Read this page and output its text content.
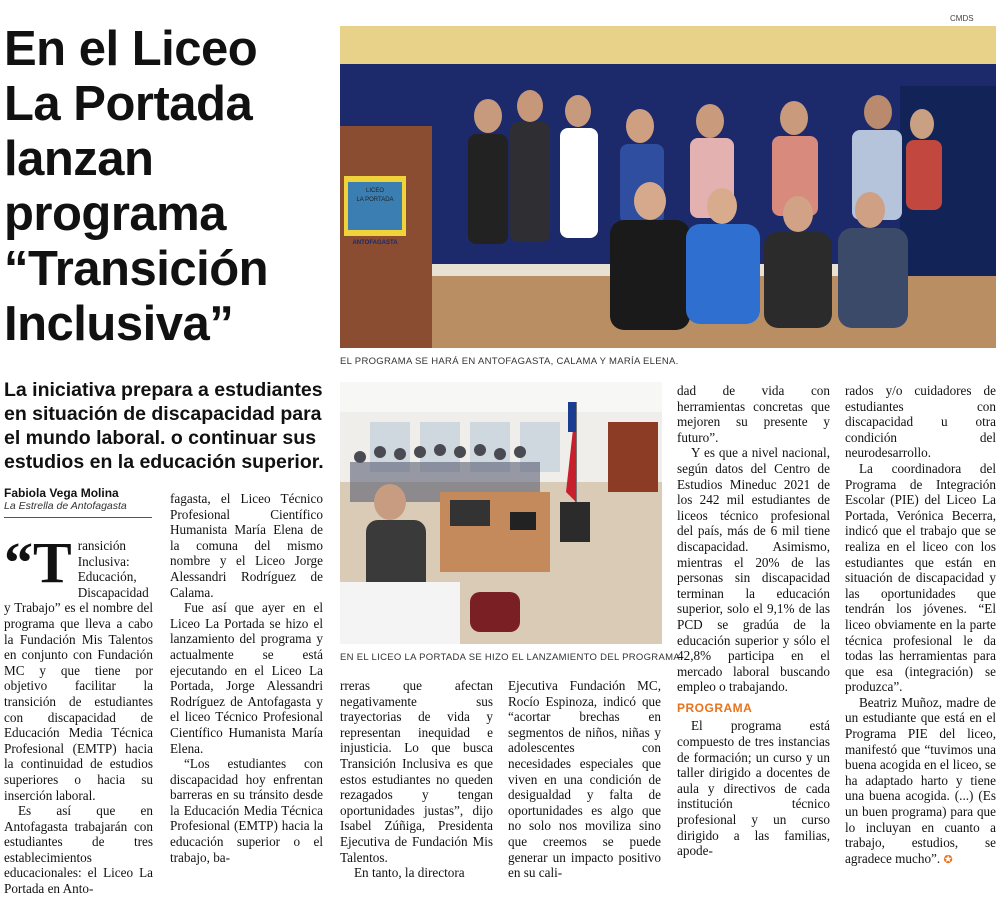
CMDS
En el Liceo
La Portada
lanzan
programa
“Transición
Inclusiva”
La iniciativa prepara a estudiantes en situación de discapacidad para el mundo laboral. o continuar sus estudios en la educación superior.
Fabiola Vega Molina
La Estrella de Antofagasta
LICEO
LA PORTADA
ANTOFAGASTA
EL PROGRAMA SE HARÁ EN ANTOFAGASTA, CALAMA Y MARÍA ELENA.
EN EL LICEO LA PORTADA SE HIZO EL LANZAMIENTO DEL PROGRAMA.

“Transición Inclusiva: Educación, Discapacidad y Trabajo” es el nombre del programa que lleva a cabo la Fundación Mis Talentos en conjunto con Fundación MC y que tiene por objetivo facilitar la transición de estudiantes con discapacidad de Educación Media Técnica Profesional (EMTP) hacia la continuidad de estudios superiores o hacia su inserción laboral.

Es así que en Antofagasta trabajarán con estudiantes de tres establecimientos educacionales: el Liceo La Portada en Anto-

fagasta, el Liceo Técnico Profesional Científico Humanista María Elena de la comuna del mismo nombre y el Liceo Jorge Alessandri Rodríguez de Calama.

Fue así que ayer en el Liceo La Portada se hizo el lanzamiento del programa y actualmente se está ejecutando en el Liceo La Portada, Jorge Alessandri Rodríguez de Antofagasta y el liceo Técnico Profesional Científico Humanista María Elena.

“Los estudiantes con discapacidad hoy enfrentan barreras en su tránsito desde la Educación Media Técnica Profesional (EMTP) hacia la educación superior o el trabajo, ba-

rreras que afectan negativamente sus trayectorias de vida y representan inequidad e injusticia. Lo que busca Transición Inclusiva es que estos estudiantes no queden rezagados y tengan oportunidades justas”, dijo Isabel Zúñiga, Presidenta Ejecutiva de Fundación Mis Talentos.

En tanto, la directora

Ejecutiva Fundación MC, Rocío Espinoza, indicó que “acortar brechas en segmentos de niños, niñas y adolescentes con necesidades especiales que viven en una condición de desigualdad y falta de oportunidades es algo que no solo nos moviliza sino que creemos se puede generar un impacto positivo en su cali-

dad de vida con herramientas concretas que mejoren su presente y futuro”.

Y es que a nivel nacional, según datos del Centro de Estudios Mineduc 2021 de los 242 mil estudiantes de liceos técnico profesional del país, más de 6 mil tiene discapacidad. Asimismo, mientras el 20% de las personas sin discapacidad terminan la educación superior, solo el 9,1% de las PCD se gradúa de la educación superior y sólo el 42,8% participa en el mercado laboral buscando empleo o trabajando.

PROGRAMA

El programa está compuesto de tres instancias de formación; un curso y un taller dirigido a docentes de aula y directivos de cada institución técnico profesional y un curso dirigido a las familias, apode-

rados y/o cuidadores de estudiantes con discapacidad u otra condición del neurodesarrollo.

La coordinadora del Programa de Integración Escolar (PIE) del Liceo La Portada, Verónica Becerra, indicó que el trabajo que se realiza en el liceo con los estudiantes que están en situación de discapacidad y las oportunidades que tendrán los jóvenes. “El liceo obviamente en la parte técnica profesional le da todas las herramientas para que esa (integración) se produzca”.

Beatriz Muñoz, madre de un estudiante que está en el Programa PIE del liceo, manifestó que “tuvimos una buena acogida en el liceo, se ha adaptado harto y tiene una buena acogida. (...) (Es un buen programa) para que lo incluyan en cuanto a trabajo, estudios, se agradece mucho”. ✪
